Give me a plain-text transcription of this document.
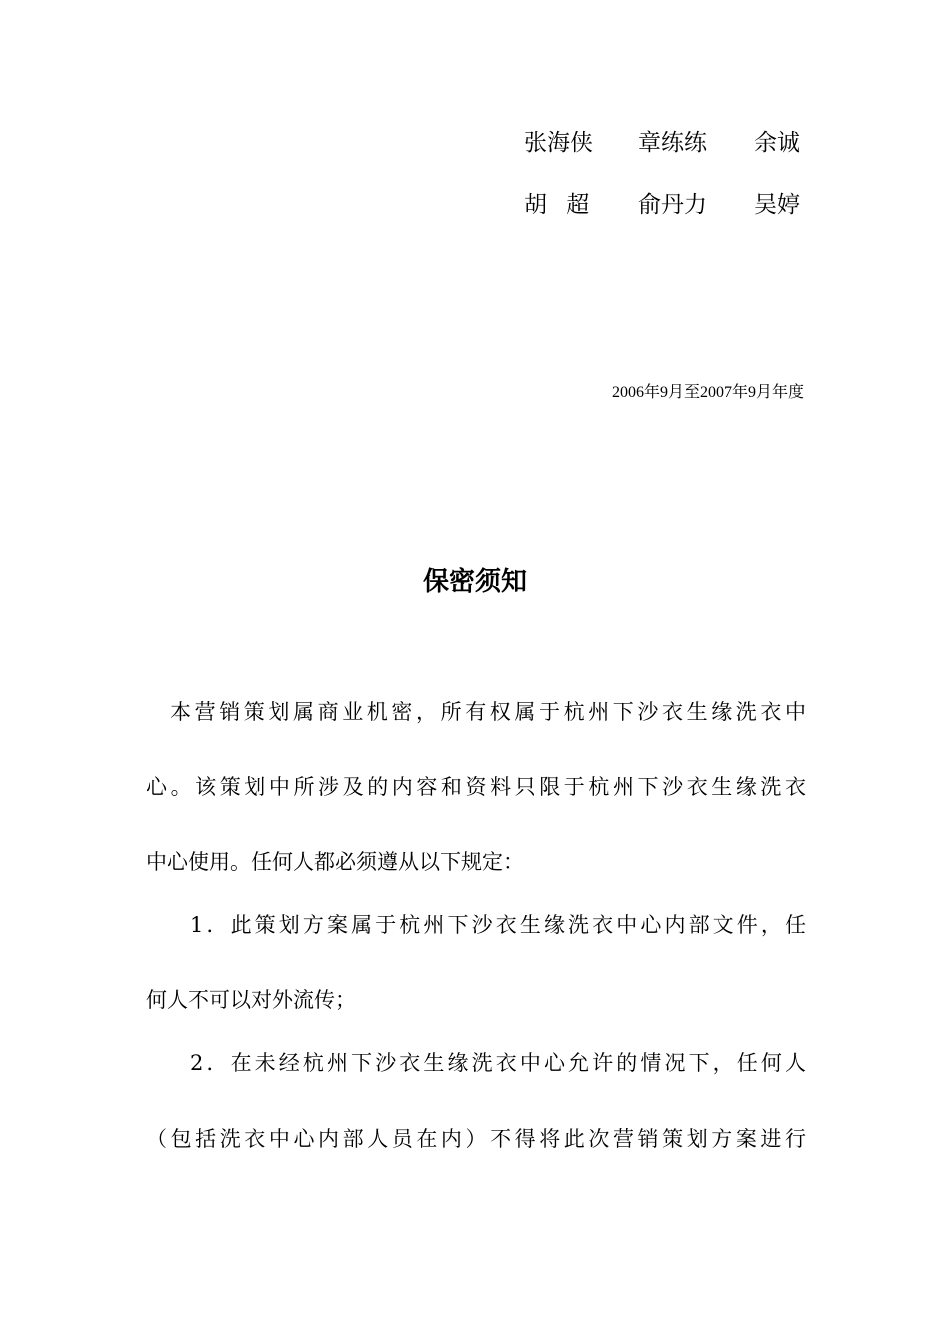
张海侠 章练练 余诚
胡 超 俞丹力 吴婷
2006年9月至2007年9月年度
保密须知
本营销策划属商业机密，所有权属于杭州下沙衣生缘洗衣中
心。该策划中所涉及的内容和资料只限于杭州下沙衣生缘洗衣
中心使用。任何人都必须遵从以下规定：
1．此策划方案属于杭州下沙衣生缘洗衣中心内部文件，任
何人不可以对外流传；
2．在未经杭州下沙衣生缘洗衣中心允许的情况下，任何人
（包括洗衣中心内部人员在内）不得将此次营销策划方案进行
